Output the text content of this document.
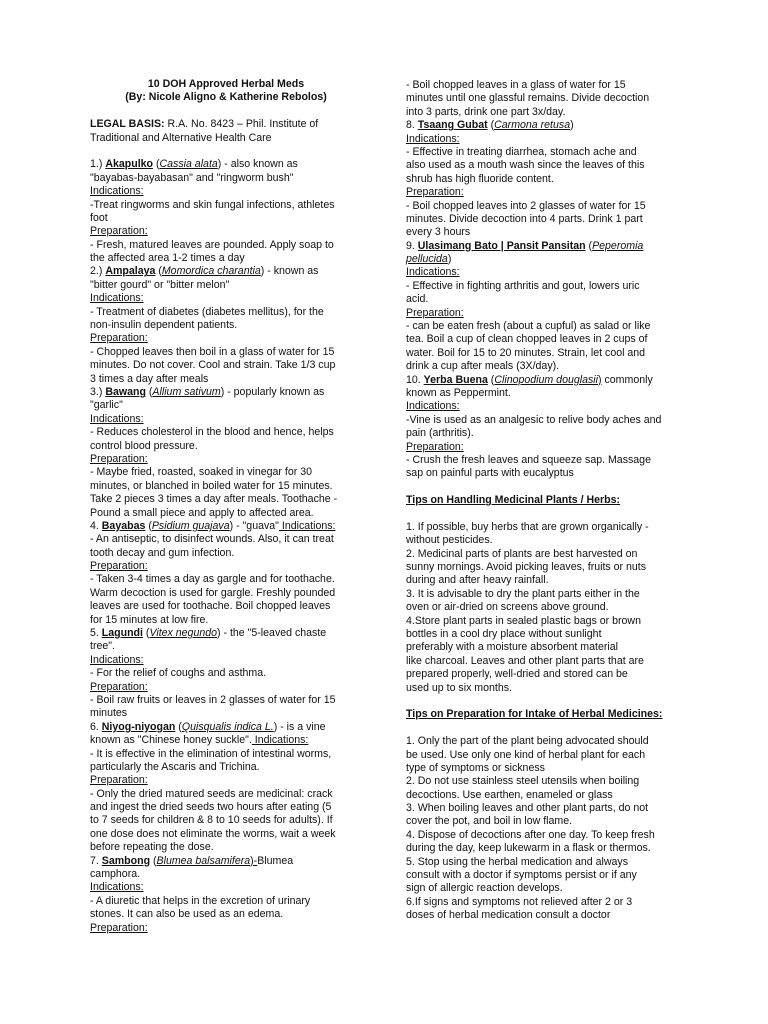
10 DOH Approved Herbal Meds
(By: Nicole Aligno & Katherine Rebolos)
LEGAL BASIS: R.A. No. 8423 – Phil. Institute of
Traditional and Alternative Health Care
1.) Akapulko (Cassia alata) - also known as
"bayabas-bayabasan" and "ringworm bush"
Indications:
-Treat ringworms and skin fungal infections, athletes
foot
Preparation:
- Fresh, matured leaves are pounded. Apply soap to
the affected area 1-2 times a day
2.) Ampalaya (Momordica charantia) - known as
"bitter gourd" or "bitter melon"
Indications:
- Treatment of diabetes (diabetes mellitus), for the
non-insulin dependent patients.
Preparation:
- Chopped leaves then boil in a glass of water for 15
minutes. Do not cover. Cool and strain. Take 1/3 cup
3 times a day after meals
3.) Bawang (Allium sativum) - popularly known as
"garlic"
Indications:
- Reduces cholesterol in the blood and hence, helps
control blood pressure.
Preparation:
- Maybe fried, roasted, soaked in vinegar for 30
minutes, or blanched in boiled water for 15 minutes.
Take 2 pieces 3 times a day after meals. Toothache -
Pound a small piece and apply to affected area.
4. Bayabas (Psidium guajava) - "guava" Indications:
- An antiseptic, to disinfect wounds. Also, it can treat
tooth decay and gum infection.
Preparation:
- Taken 3-4 times a day as gargle and for toothache.
Warm decoction is used for gargle. Freshly pounded
leaves are used for toothache. Boil chopped leaves
for 15 minutes at low fire.
5. Lagundi (Vitex negundo) - the "5-leaved chaste
tree".
Indications:
- For the relief of coughs and asthma.
Preparation:
- Boil raw fruits or leaves in 2 glasses of water for 15
minutes
6. Niyog-niyogan (Quisqualis indica L.) - is a vine
known as "Chinese honey suckle". Indications:
- It is effective in the elimination of intestinal worms,
particularly the Ascaris and Trichina.
Preparation:
- Only the dried matured seeds are medicinal: crack
and ingest the dried seeds two hours after eating (5
to 7 seeds for children & 8 to 10 seeds for adults). If
one dose does not eliminate the worms, wait a week
before repeating the dose.
7. Sambong (Blumea balsamifera)-Blumea
camphora.
Indications:
- A diuretic that helps in the excretion of urinary
stones. It can also be used as an edema.
Preparation:
- Boil chopped leaves in a glass of water for 15
minutes until one glassful remains. Divide decoction
into 3 parts, drink one part 3x/day.
8. Tsaang Gubat (Carmona retusa)
Indications:
- Effective in treating diarrhea, stomach ache and
also used as a mouth wash since the leaves of this
shrub has high fluoride content.
Preparation:
- Boil chopped leaves into 2 glasses of water for 15
minutes. Divide decoction into 4 parts. Drink 1 part
every 3 hours
9. Ulasimang Bato | Pansit Pansitan (Peperomia
pellucida)
Indications:
- Effective in fighting arthritis and gout, lowers uric
acid.
Preparation:
- can be eaten fresh (about a cupful) as salad or like
tea. Boil a cup of clean chopped leaves in 2 cups of
water. Boil for 15 to 20 minutes. Strain, let cool and
drink a cup after meals (3X/day).
10. Yerba Buena (Clinopodium douglasii) commonly
known as Peppermint.
Indications:
-Vine is used as an analgesic to relive body aches and
pain (arthritis).
Preparation:
- Crush the fresh leaves and squeeze sap. Massage
sap on painful parts with eucalyptus
Tips on Handling Medicinal Plants / Herbs:
1. If possible, buy herbs that are grown organically -
without pesticides.
2. Medicinal parts of plants are best harvested on
sunny mornings. Avoid picking leaves, fruits or nuts
during and after heavy rainfall.
3. It is advisable to dry the plant parts either in the
oven or air-dried on screens above ground.
4.Store plant parts in sealed plastic bags or brown
bottles in a cool dry place without sunlight
preferably with a moisture absorbent material
like charcoal. Leaves and other plant parts that are
prepared properly, well-dried and stored can be
used up to six months.
Tips on Preparation for Intake of Herbal Medicines:
1. Only the part of the plant being advocated should
be used. Use only one kind of herbal plant for each
type of symptoms or sickness
2. Do not use stainless steel utensils when boiling
decoctions. Use earthen, enameled or glass
3. When boiling leaves and other plant parts, do not
cover the pot, and boil in low flame.
4. Dispose of decoctions after one day. To keep fresh
during the day, keep lukewarm in a flask or thermos.
5. Stop using the herbal medication and always
consult with a doctor if symptoms persist or if any
sign of allergic reaction develops.
6.If signs and symptoms not relieved after 2 or 3
doses of herbal medication consult a doctor
